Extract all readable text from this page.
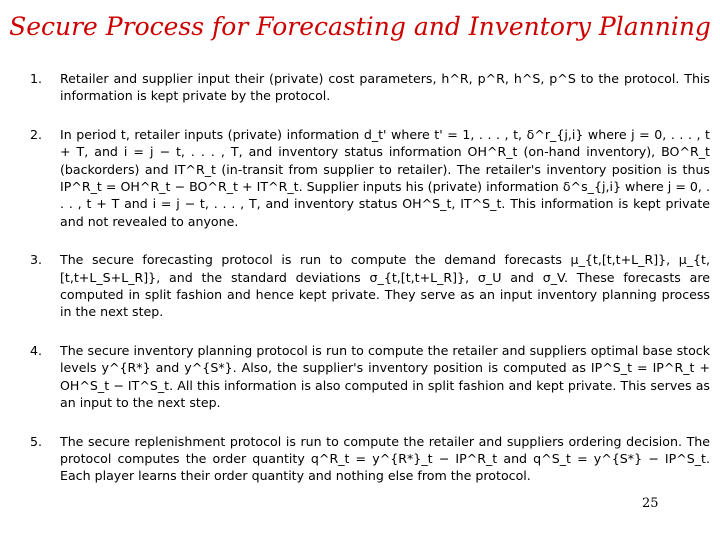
Secure Process for Forecasting and Inventory Planning
1.	Retailer and supplier input their (private) cost parameters, h^R, p^R, h^S, p^S to the protocol. This information is kept private by the protocol.

2.	In period t, retailer inputs (private) information d_t' where t' = 1, . . . , t, δ^r_{j,i} where j = 0, . . . , t + T, and i = j − t, . . . , T, and inventory status information OH^R_t (on-hand inventory), BO^R_t (backorders) and IT^R_t (in-transit from supplier to retailer). The retailer's inventory position is thus IP^R_t = OH^R_t − BO^R_t + IT^R_t. Supplier inputs his (private) information δ^s_{j,i} where j = 0, . . . , t + T and i = j − t, . . . , T, and inventory status OH^S_t, IT^S_t. This information is kept private and not revealed to anyone.

3.	The secure forecasting protocol is run to compute the demand forecasts μ_{t,[t,t+L_R]}, μ_{t,[t,t+L_S+L_R]}, and the standard deviations σ_{t,[t,t+L_R]}, σ_U and σ_V. These forecasts are computed in split fashion and hence kept private. They serve as an input inventory planning process in the next step.

4.	The secure inventory planning protocol is run to compute the retailer and suppliers optimal base stock levels y^{R*} and y^{S*}. Also, the supplier's inventory position is computed as IP^S_t = IP^R_t + OH^S_t − IT^S_t. All this information is also computed in split fashion and kept private. This serves as an input to the next step.

5.	The secure replenishment protocol is run to compute the retailer and suppliers ordering decision. The protocol computes the order quantity q^R_t = y^{R*}_t − IP^R_t and q^S_t = y^{S*} − IP^S_t. Each player learns their order quantity and nothing else from the protocol.

25
